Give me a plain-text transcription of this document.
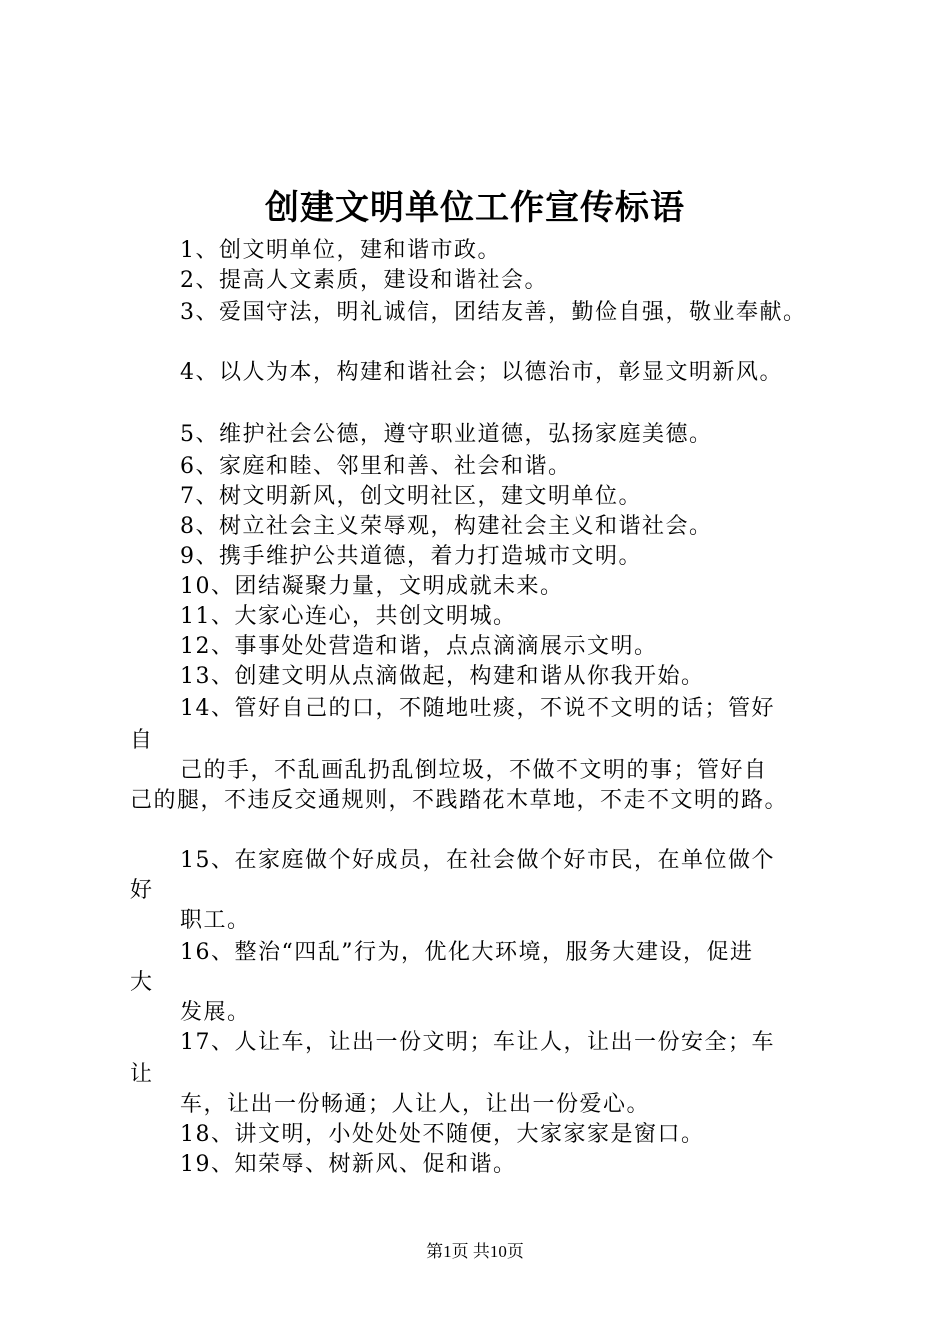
创建文明单位工作宣传标语
1、创文明单位，建和谐市政。
2、提高人文素质，建设和谐社会。
3、爱国守法，明礼诚信，团结友善，勤俭自强，敬业奉献。
4、以人为本，构建和谐社会；以德治市，彰显文明新风。
5、维护社会公德，遵守职业道德，弘扬家庭美德。
6、家庭和睦、邻里和善、社会和谐。
7、树文明新风，创文明社区，建文明单位。
8、树立社会主义荣辱观，构建社会主义和谐社会。
9、携手维护公共道德，着力打造城市文明。
10、团结凝聚力量，文明成就未来。
11、大家心连心，共创文明城。
12、事事处处营造和谐，点点滴滴展示文明。
13、创建文明从点滴做起，构建和谐从你我开始。
14、管好自己的口，不随地吐痰，不说不文明的话；管好
自
己的手，不乱画乱扔乱倒垃圾，不做不文明的事；管好自
己的腿，不违反交通规则，不践踏花木草地，不走不文明的路。
15、在家庭做个好成员，在社会做个好市民，在单位做个
好
职工。
16、整治“四乱”行为，优化大环境，服务大建设，促进
大
发展。
17、人让车，让出一份文明；车让人，让出一份安全；车
让
车，让出一份畅通；人让人，让出一份爱心。
18、讲文明，小处处处不随便，大家家家是窗口。
19、知荣辱、树新风、促和谐。
第1页 共10页
